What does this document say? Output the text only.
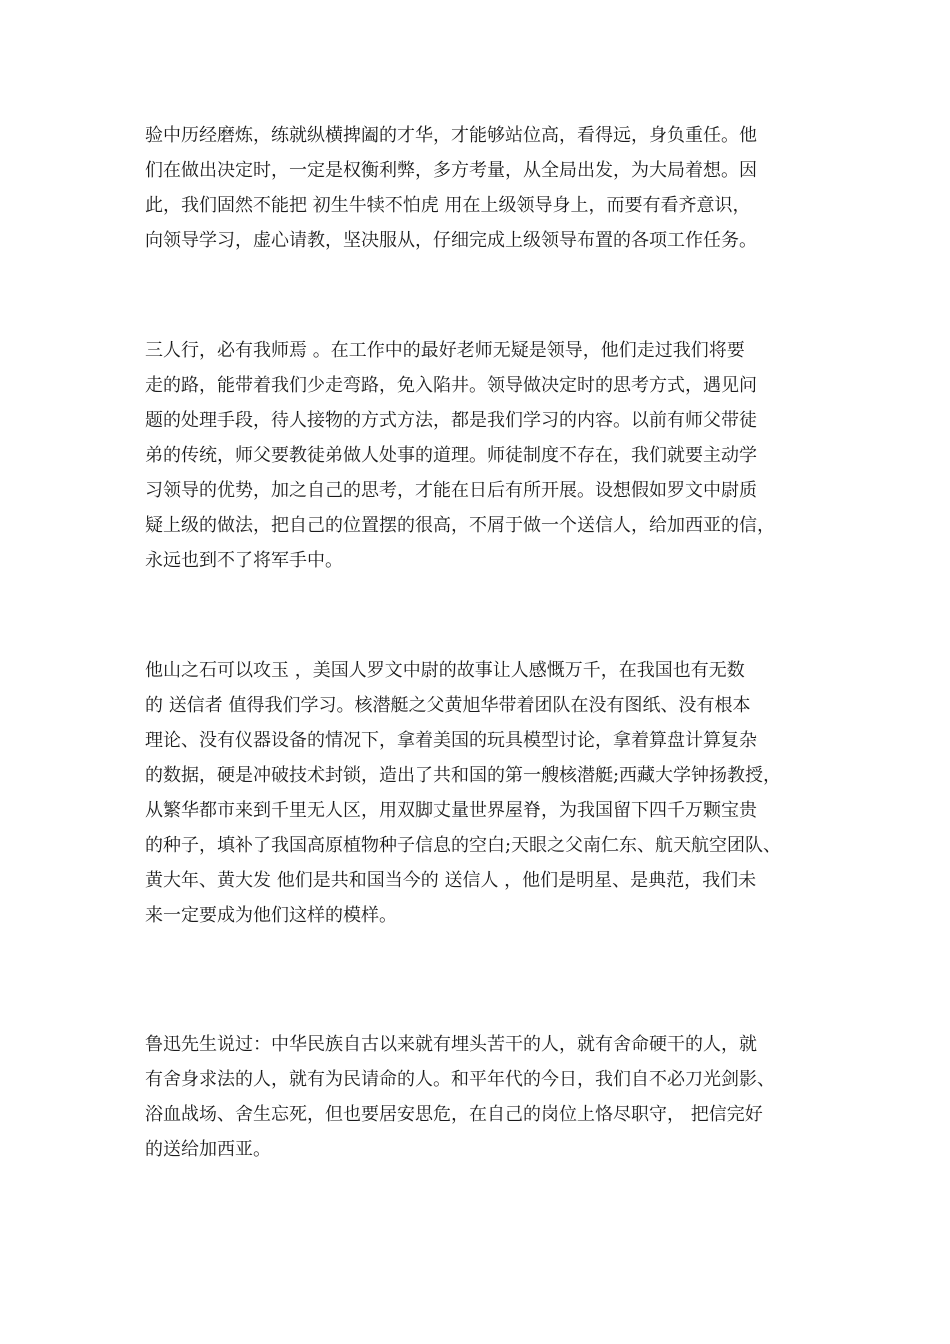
验中历经磨炼，练就纵横捭阖的才华，才能够站位高，看得远，身负重任。他
们在做出决定时，一定是权衡利弊，多方考量，从全局出发，为大局着想。因
此，我们固然不能把 初生牛犊不怕虎 用在上级领导身上，而要有看齐意识，
向领导学习，虚心请教，坚决服从，仔细完成上级领导布置的各项工作任务。
三人行，必有我师焉 。在工作中的最好老师无疑是领导，他们走过我们将要
走的路，能带着我们少走弯路，免入陷井。领导做决定时的思考方式，遇见问
题的处理手段，待人接物的方式方法，都是我们学习的内容。以前有师父带徒
弟的传统，师父要教徒弟做人处事的道理。师徒制度不存在，我们就要主动学
习领导的优势，加之自己的思考，才能在日后有所开展。设想假如罗文中尉质
疑上级的做法，把自己的位置摆的很高，不屑于做一个送信人，给加西亚的信，
永远也到不了将军手中。
他山之石可以攻玉 ，美国人罗文中尉的故事让人感慨万千，在我国也有无数
的 送信者 值得我们学习。核潜艇之父黄旭华带着团队在没有图纸、没有根本
理论、没有仪器设备的情况下，拿着美国的玩具模型讨论，拿着算盘计算复杂
的数据，硬是冲破技术封锁，造出了共和国的第一艘核潜艇;西藏大学钟扬教授，
从繁华都市来到千里无人区，用双脚丈量世界屋脊，为我国留下四千万颗宝贵
的种子，填补了我国高原植物种子信息的空白;天眼之父南仁东、航天航空团队、
黄大年、黄大发 他们是共和国当今的 送信人 ，他们是明星、是典范，我们未
来一定要成为他们这样的模样。
鲁迅先生说过：中华民族自古以来就有埋头苦干的人，就有舍命硬干的人，就
有舍身求法的人，就有为民请命的人。和平年代的今日，我们自不必刀光剑影、
浴血战场、舍生忘死，但也要居安思危，在自己的岗位上恪尽职守， 把信完好
的送给加西亚。
